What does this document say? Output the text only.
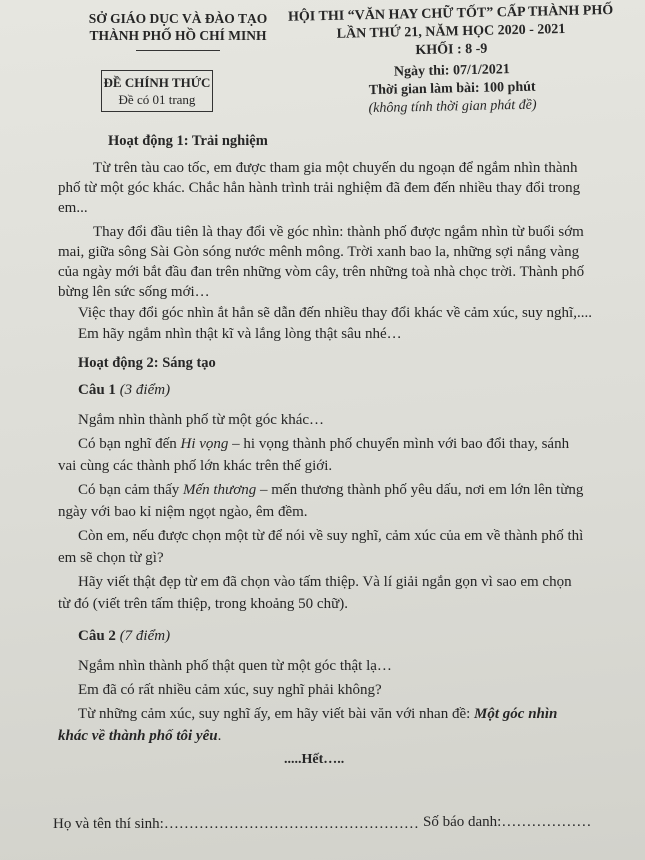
SỞ GIÁO DỤC VÀ ĐÀO TẠO
THÀNH PHỐ HỒ CHÍ MINH
ĐỀ CHÍNH THỨC
Đề có 01 trang
HỘI THI “VĂN HAY CHỮ TỐT” CẤP THÀNH PHỐ
LẦN THỨ 21, NĂM HỌC 2020 - 2021
KHỐI : 8 -9
Ngày thi: 07/1/2021
Thời gian làm bài: 100 phút
(không tính thời gian phát đề)
Hoạt động 1: Trải nghiệm
Từ trên tàu cao tốc, em được tham gia một chuyến du ngoạn để ngắm nhìn thành
phố từ một góc khác. Chắc hẳn hành trình trải nghiệm đã đem đến nhiều thay đổi trong
em...
Thay đổi đầu tiên là thay đổi về góc nhìn: thành phố được ngắm nhìn từ buổi sớm
mai, giữa sông Sài Gòn sóng nước mênh mông. Trời xanh bao la, những sợi nắng vàng
của ngày mới bắt đầu đan trên những vòm cây, trên những toà nhà chọc trời. Thành phố
bừng lên sức sống mới…
Việc thay đổi góc nhìn ắt hẳn sẽ dẫn đến nhiều thay đổi khác về cảm xúc, suy nghĩ,....
Em hãy ngắm nhìn thật kĩ và lắng lòng thật sâu nhé…
Hoạt động 2: Sáng tạo
Câu 1 (3 điểm)
Ngắm nhìn thành phố từ một góc khác…
Có bạn nghĩ đến Hi vọng – hi vọng thành phố chuyển mình với bao đổi thay, sánh
vai cùng các thành phố lớn khác trên thế giới.
Có bạn cảm thấy Mến thương – mến thương thành phố yêu dấu, nơi em lớn lên từng
ngày với bao kỉ niệm ngọt ngào, êm đềm.
Còn em, nếu được chọn một từ để nói về suy nghĩ, cảm xúc của em về thành phố thì
em sẽ chọn từ gì?
Hãy viết thật đẹp từ em đã chọn vào tấm thiệp. Và lí giải ngắn gọn vì sao em chọn
từ đó (viết trên tấm thiệp, trong khoảng 50 chữ).
Câu 2 (7 điểm)
Ngắm nhìn thành phố thật quen từ một góc thật lạ…
Em đã có rất nhiều cảm xúc, suy nghĩ phải không?
Từ những cảm xúc, suy nghĩ ấy, em hãy viết bài văn với nhan đề: Một góc nhìn
khác về thành phố tôi yêu.
.....Hết…..
Họ và tên thí sinh:…………………………………………… Số báo danh:………………
